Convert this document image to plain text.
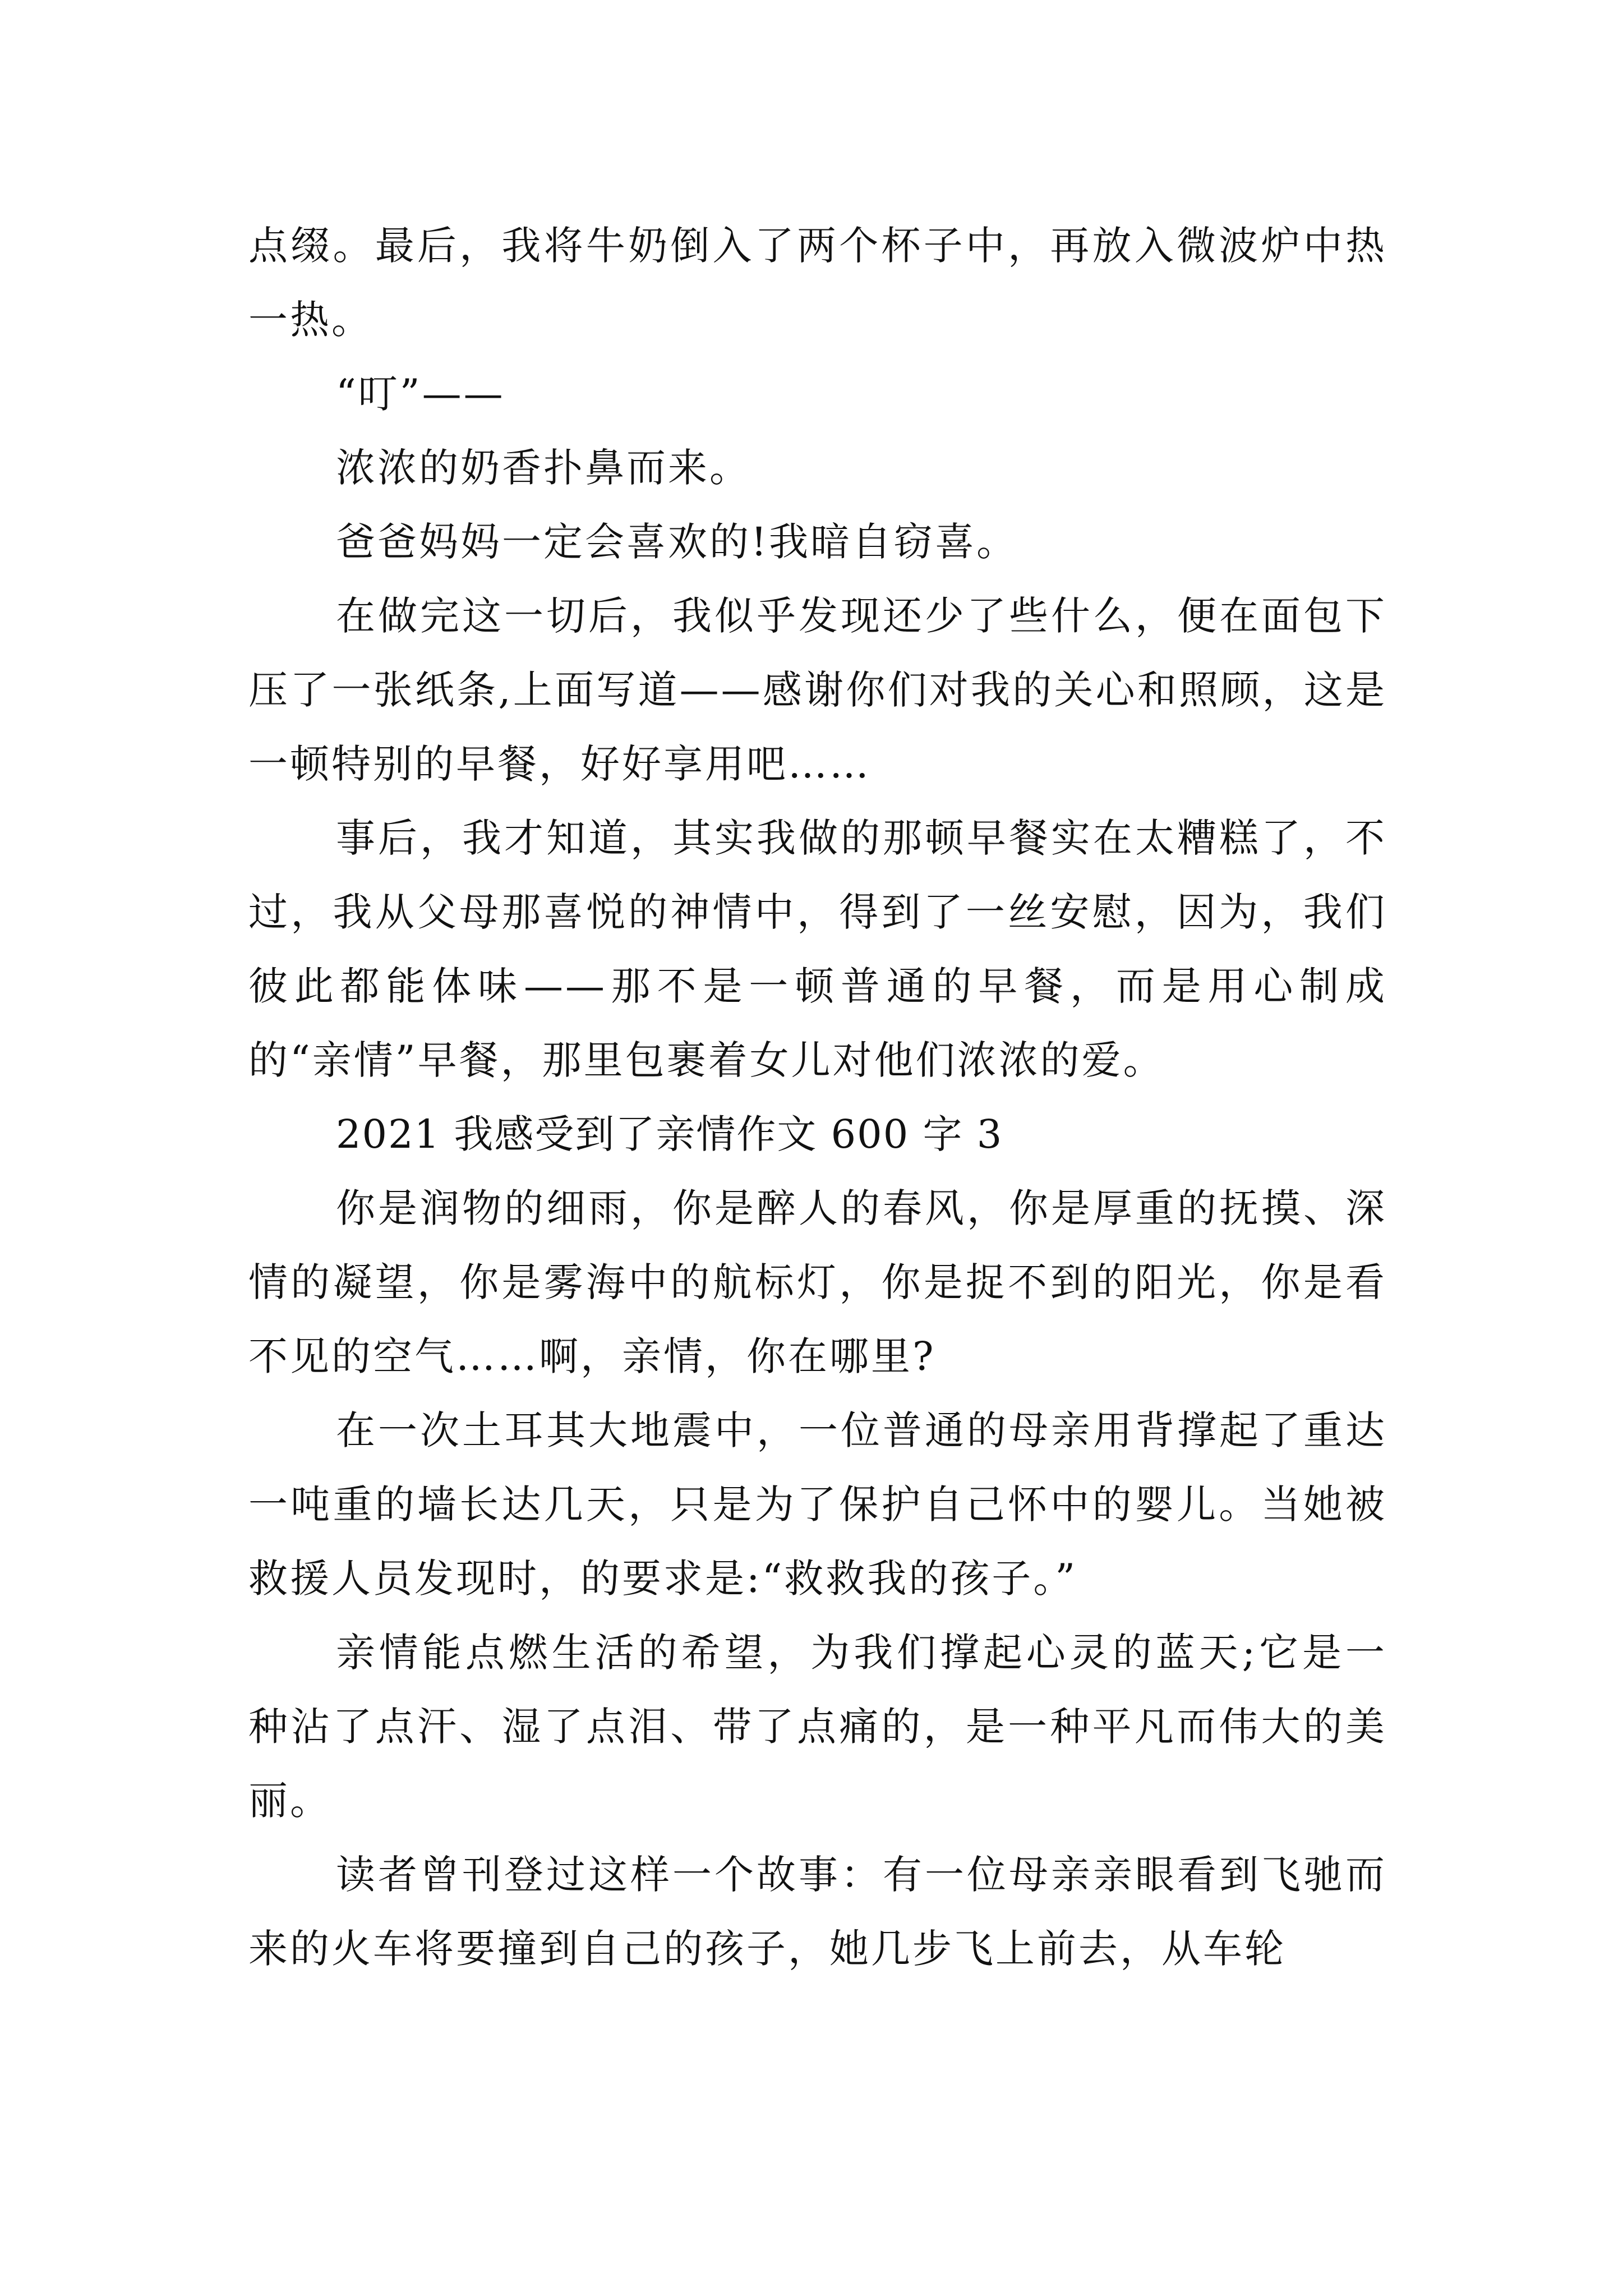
点缀。最后，我将牛奶倒入了两个杯子中，再放入微波炉中热一热。

“叮”——

浓浓的奶香扑鼻而来。

爸爸妈妈一定会喜欢的!我暗自窃喜。

在做完这一切后，我似乎发现还少了些什么，便在面包下压了一张纸条,上面写道——感谢你们对我的关心和照顾，这是一顿特别的早餐，好好享用吧……

事后，我才知道，其实我做的那顿早餐实在太糟糕了，不过，我从父母那喜悦的神情中，得到了一丝安慰，因为，我们彼此都能体味——那不是一顿普通的早餐，而是用心制成的“亲情”早餐，那里包裹着女儿对他们浓浓的爱。

2021 我感受到了亲情作文 600 字 3

你是润物的细雨，你是醉人的春风，你是厚重的抚摸、深情的凝望，你是雾海中的航标灯，你是捉不到的阳光，你是看不见的空气……啊，亲情，你在哪里?

在一次土耳其大地震中，一位普通的母亲用背撑起了重达一吨重的墙长达几天，只是为了保护自己怀中的婴儿。当她被救援人员发现时，的要求是:“救救我的孩子。”

亲情能点燃生活的希望，为我们撑起心灵的蓝天;它是一种沾了点汗、湿了点泪、带了点痛的，是一种平凡而伟大的美丽。

读者曾刊登过这样一个故事：有一位母亲亲眼看到飞驰而来的火车将要撞到自己的孩子，她几步飞上前去，从车轮
